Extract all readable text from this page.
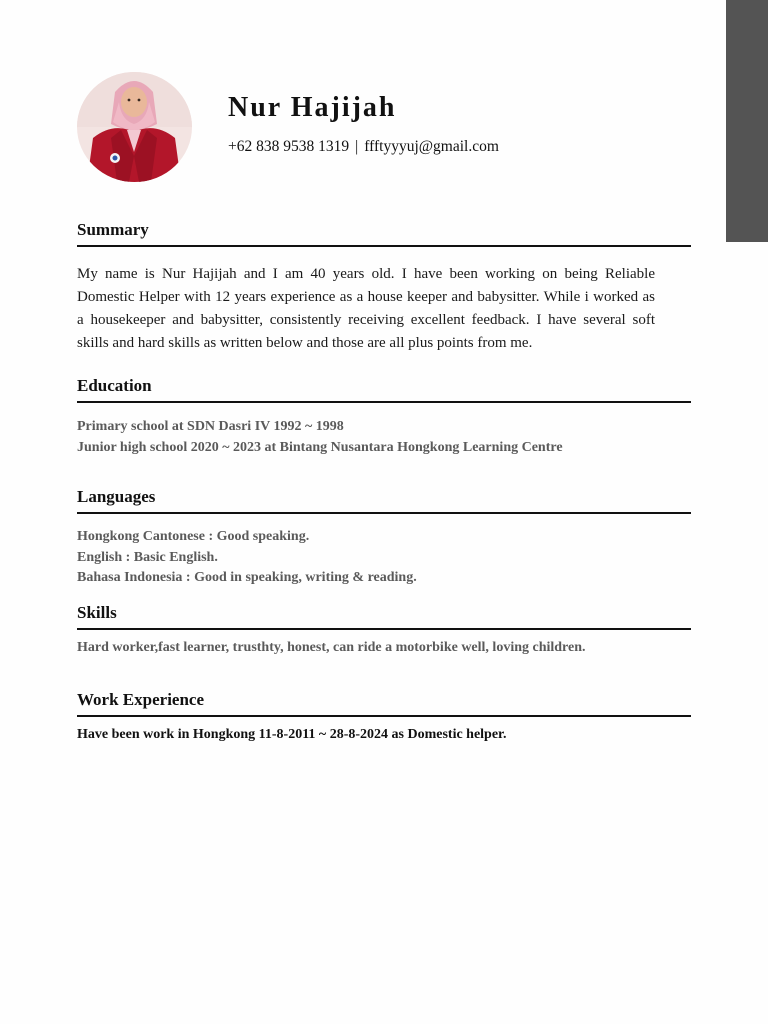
Nur Hajijah
+62 838 9538 1319 | ffftyyyuj@gmail.com
Summary

My name is Nur Hajijah and I am 40 years old. I have been working on being Reliable Domestic Helper with 12 years experience as a house keeper and babysitter. While i worked as a housekeeper and babysitter, consistently receiving excellent feedback. I have several soft skills and hard skills as written below and those are all plus points from me.

Education
Primary school at SDN Dasri IV 1992 ~ 1998
Junior high school 2020 ~ 2023 at Bintang Nusantara Hongkong Learning Centre
Languages
Hongkong Cantonese : Good speaking.
English : Basic English.
Bahasa Indonesia : Good in speaking, writing & reading.
Skills
Hard worker,fast learner, trusthty, honest, can ride a motorbike well, loving children.
Work Experience
Have been work in Hongkong 11-8-2011 ~ 28-8-2024 as Domestic helper.
